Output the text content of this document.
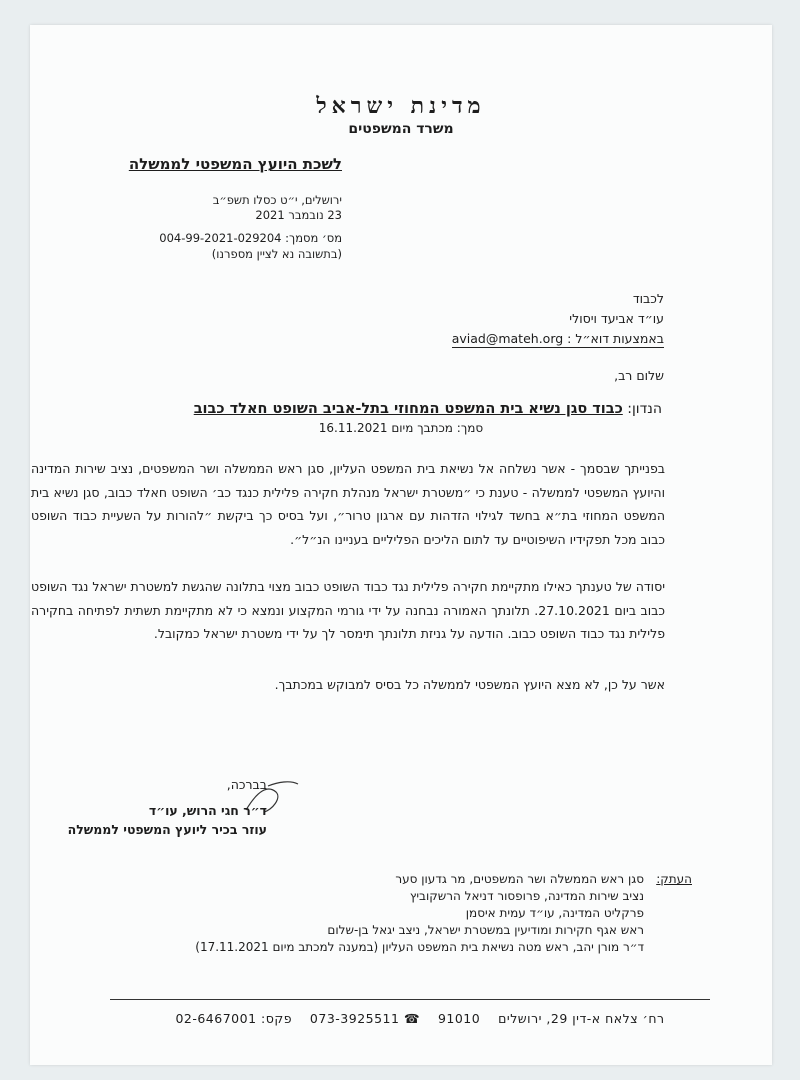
מדינת ישראל
משרד המשפטים
לשכת היועץ המשפטי לממשלה
ירושלים, י״ט כסלו תשפ״ב
23 נובמבר 2021
מס׳ מסמך: 004-99-2021-029204
(בתשובה נא לציין מספרנו)
לכבוד
עו״ד אביעד ויסולי
באמצעות דוא״ל : aviad@mateh.org
שלום רב,
הנדון: כבוד סגן נשיא בית המשפט המחוזי בתל-אביב השופט חאלד כבוב
סמך: מכתבך מיום 16.11.2021
בפנייתך שבסמך - אשר נשלחה אל נשיאת בית המשפט העליון, סגן ראש הממשלה ושר המשפטים, נציב שירות המדינה והיועץ המשפטי לממשלה - טענת כי ״משטרת ישראל מנהלת חקירה פלילית כנגד כב׳ השופט חאלד כבוב, סגן נשיא בית המשפט המחוזי בת״א בחשד לגילוי הזדהות עם ארגון טרור״, ועל בסיס כך ביקשת ״להורות על השעיית כבוד השופט כבוב מכל תפקידיו השיפוטיים עד לתום הליכים הפליליים בעניינו הנ״ל״.
יסודה של טענתך כאילו מתקיימת חקירה פלילית נגד כבוד השופט כבוב מצוי בתלונה שהגשת למשטרת ישראל נגד השופט כבוב ביום 27.10.2021. תלונתך האמורה נבחנה על ידי גורמי המקצוע ונמצא כי לא מתקיימת תשתית לפתיחה בחקירה פלילית נגד כבוד השופט כבוב. הודעה על גניזת תלונתך תימסר לך על ידי משטרת ישראל כמקובל.
אשר על כן, לא מצא היועץ המשפטי לממשלה כל בסיס למבוקש במכתבך.
בברכה,
ד״ר חגי הרוש, עו״ד
עוזר בכיר ליועץ המשפטי לממשלה
העתק:
סגן ראש הממשלה ושר המשפטים, מר גדעון סער
נציב שירות המדינה, פרופסור דניאל הרשקוביץ
פרקליט המדינה, עו״ד עמית איסמן
ראש אגף חקירות ומודיעין במשטרת ישראל, ניצב יגאל בן-שלום
ד״ר מורן יהב, ראש מטה נשיאת בית המשפט העליון (במענה למכתב מיום 17.11.2021)
רח׳ צלאח א-דין 29, ירושלים    91010    ☎ 073-3925511    פקס: 02-6467001
